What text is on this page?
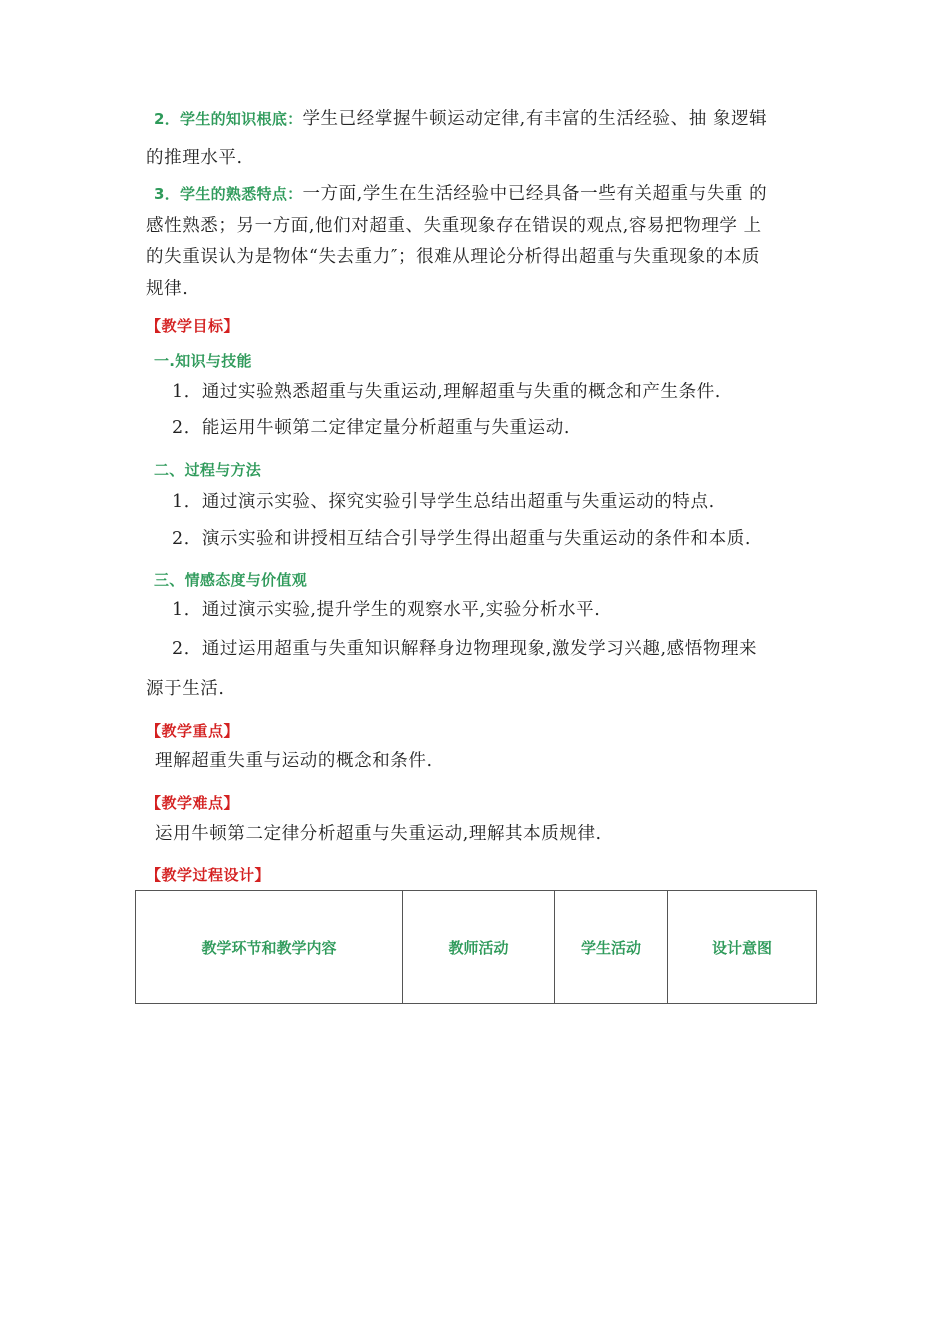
2．学生的知识根底：学生已经掌握牛顿运动定律,有丰富的生活经验、抽 象逻辑
的推理水平.
3．学生的熟悉特点：一方面,学生在生活经验中已经具备一些有关超重与失重 的
感性熟悉；另一方面,他们对超重、失重现象存在错误的观点,容易把物理学 上
的失重误认为是物体“失去重力″；很难从理论分析得出超重与失重现象的本质
规律.
【教学目标】
一.知识与技能
1．通过实验熟悉超重与失重运动,理解超重与失重的概念和产生条件.
2．能运用牛顿第二定律定量分析超重与失重运动.
二、过程与方法
1．通过演示实验、探究实验引导学生总结出超重与失重运动的特点.
2．演示实验和讲授相互结合引导学生得出超重与失重运动的条件和本质.
三、情感态度与价值观
1．通过演示实验,提升学生的观察水平,实验分析水平.
2．通过运用超重与失重知识解释身边物理现象,激发学习兴趣,感悟物理来
源于生活.
【教学重点】
理解超重失重与运动的概念和条件.
【教学难点】
运用牛顿第二定律分析超重与失重运动,理解其本质规律.
【教学过程设计】
教学环节和教学内容	教师活动	学生活动	设计意图
